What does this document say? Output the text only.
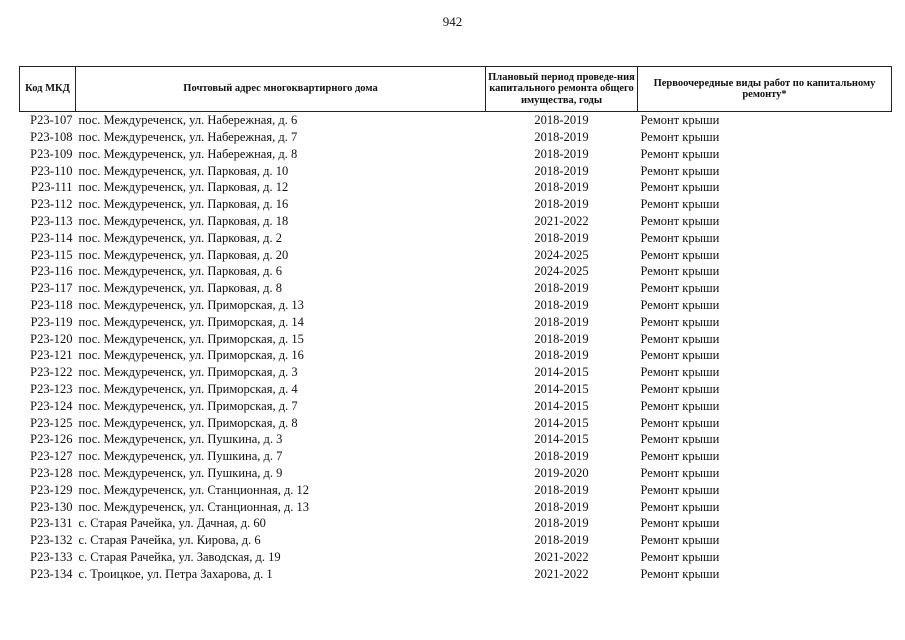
942
Код МКД	Почтовый адрес многоквартирного дома	Плановый период проведе-ния капитального ремонта общего имущества, годы	Первоочередные виды работ по капитальному ремонту*
P23-107	пос. Междуреченск, ул. Набережная, д. 6	2018-2019	Ремонт крыши
P23-108	пос. Междуреченск, ул. Набережная, д. 7	2018-2019	Ремонт крыши
P23-109	пос. Междуреченск, ул. Набережная, д. 8	2018-2019	Ремонт крыши
P23-110	пос. Междуреченск, ул. Парковая, д. 10	2018-2019	Ремонт крыши
P23-111	пос. Междуреченск, ул. Парковая, д. 12	2018-2019	Ремонт крыши
P23-112	пос. Междуреченск, ул. Парковая, д. 16	2018-2019	Ремонт крыши
P23-113	пос. Междуреченск, ул. Парковая, д. 18	2021-2022	Ремонт крыши
P23-114	пос. Междуреченск, ул. Парковая, д. 2	2018-2019	Ремонт крыши
P23-115	пос. Междуреченск, ул. Парковая, д. 20	2024-2025	Ремонт крыши
P23-116	пос. Междуреченск, ул. Парковая, д. 6	2024-2025	Ремонт крыши
P23-117	пос. Междуреченск, ул. Парковая, д. 8	2018-2019	Ремонт крыши
P23-118	пос. Междуреченск, ул. Приморская, д. 13	2018-2019	Ремонт крыши
P23-119	пос. Междуреченск, ул. Приморская, д. 14	2018-2019	Ремонт крыши
P23-120	пос. Междуреченск, ул. Приморская, д. 15	2018-2019	Ремонт крыши
P23-121	пос. Междуреченск, ул. Приморская, д. 16	2018-2019	Ремонт крыши
P23-122	пос. Междуреченск, ул. Приморская, д. 3	2014-2015	Ремонт крыши
P23-123	пос. Междуреченск, ул. Приморская, д. 4	2014-2015	Ремонт крыши
P23-124	пос. Междуреченск, ул. Приморская, д. 7	2014-2015	Ремонт крыши
P23-125	пос. Междуреченск, ул. Приморская, д. 8	2014-2015	Ремонт крыши
P23-126	пос. Междуреченск, ул. Пушкина, д. 3	2014-2015	Ремонт крыши
P23-127	пос. Междуреченск, ул. Пушкина, д. 7	2018-2019	Ремонт крыши
P23-128	пос. Междуреченск, ул. Пушкина, д. 9	2019-2020	Ремонт крыши
P23-129	пос. Междуреченск, ул. Станционная, д. 12	2018-2019	Ремонт крыши
P23-130	пос. Междуреченск, ул. Станционная, д. 13	2018-2019	Ремонт крыши
P23-131	с. Старая Рачейка, ул. Дачная, д. 60	2018-2019	Ремонт крыши
P23-132	с. Старая Рачейка, ул. Кирова, д. 6	2018-2019	Ремонт крыши
P23-133	с. Старая Рачейка, ул. Заводская, д. 19	2021-2022	Ремонт крыши
P23-134	с. Троицкое, ул. Петра Захарова, д. 1	2021-2022	Ремонт крыши
